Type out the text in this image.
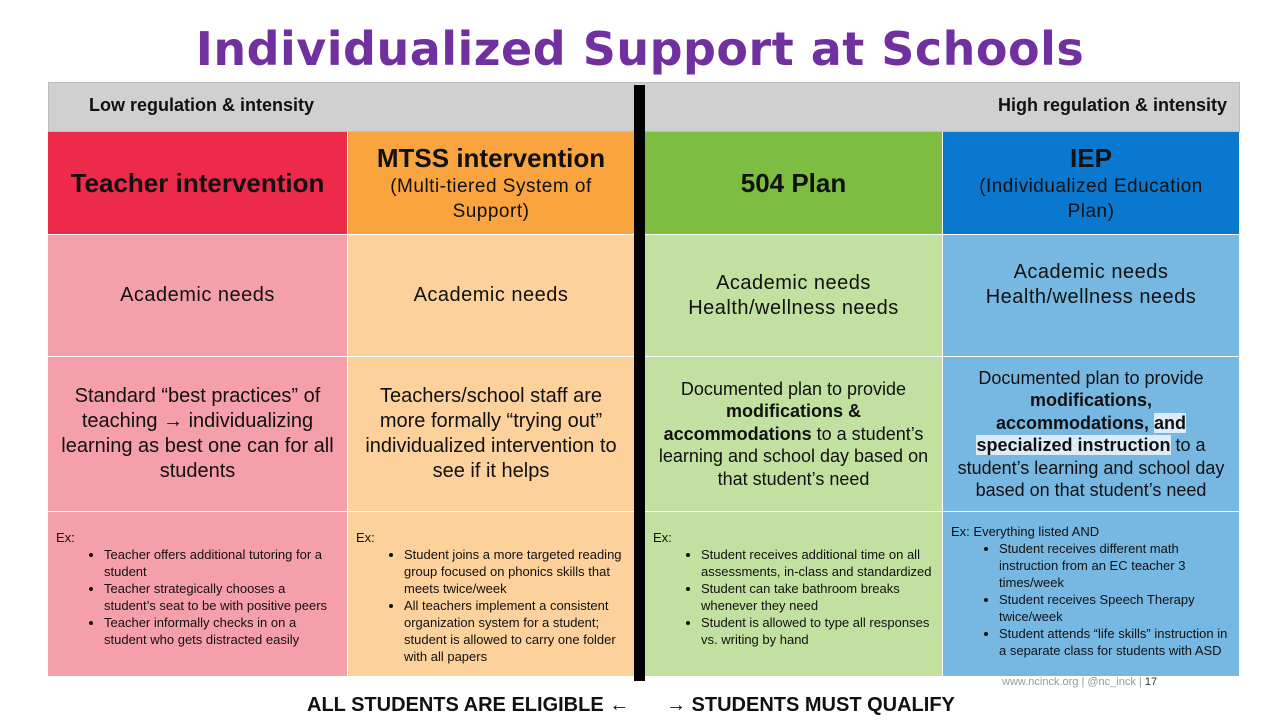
Individualized Support at Schools
Low regulation & intensity	High regulation & intensity
Teacher intervention
MTSS intervention
(Multi-tiered System of Support)
504 Plan
IEP
(Individualized Education Plan)
Academic needs	Academic needs
Academic needs
Health/wellness needs
Academic needs
Health/wellness needs
Standard “best practices” of teaching → individualizing learning as best one can for all students
Teachers/school staff are more formally “trying out” individualized intervention to see if it helps
Documented plan to provide
modifications & accommodations to a student’s learning and school day based on that student’s need
Documented plan to provide
modifications, accommodations, and specialized instruction to a student’s learning and school day based on that student’s need
Ex:
• Teacher offers additional tutoring for a student
• Teacher strategically chooses a student’s seat to be with positive peers
• Teacher informally checks in on a student who gets distracted easily
Ex:
• Student joins a more targeted reading group focused on phonics skills that meets twice/week
• All teachers implement a consistent organization system for a student; student is allowed to carry one folder with all papers
Ex:
• Student receives additional time on all assessments, in-class and standardized
• Student can take bathroom breaks whenever they need
• Student is allowed to type all responses vs. writing by hand
Ex: Everything listed AND
• Student receives different math instruction from an EC teacher 3 times/week
• Student receives Speech Therapy twice/week
• Student attends “life skills” instruction in a separate class for students with ASD
ALL STUDENTS ARE ELIGIBLE ← → STUDENTS MUST QUALIFY
www.ncinck.org | @nc_inck | 17
